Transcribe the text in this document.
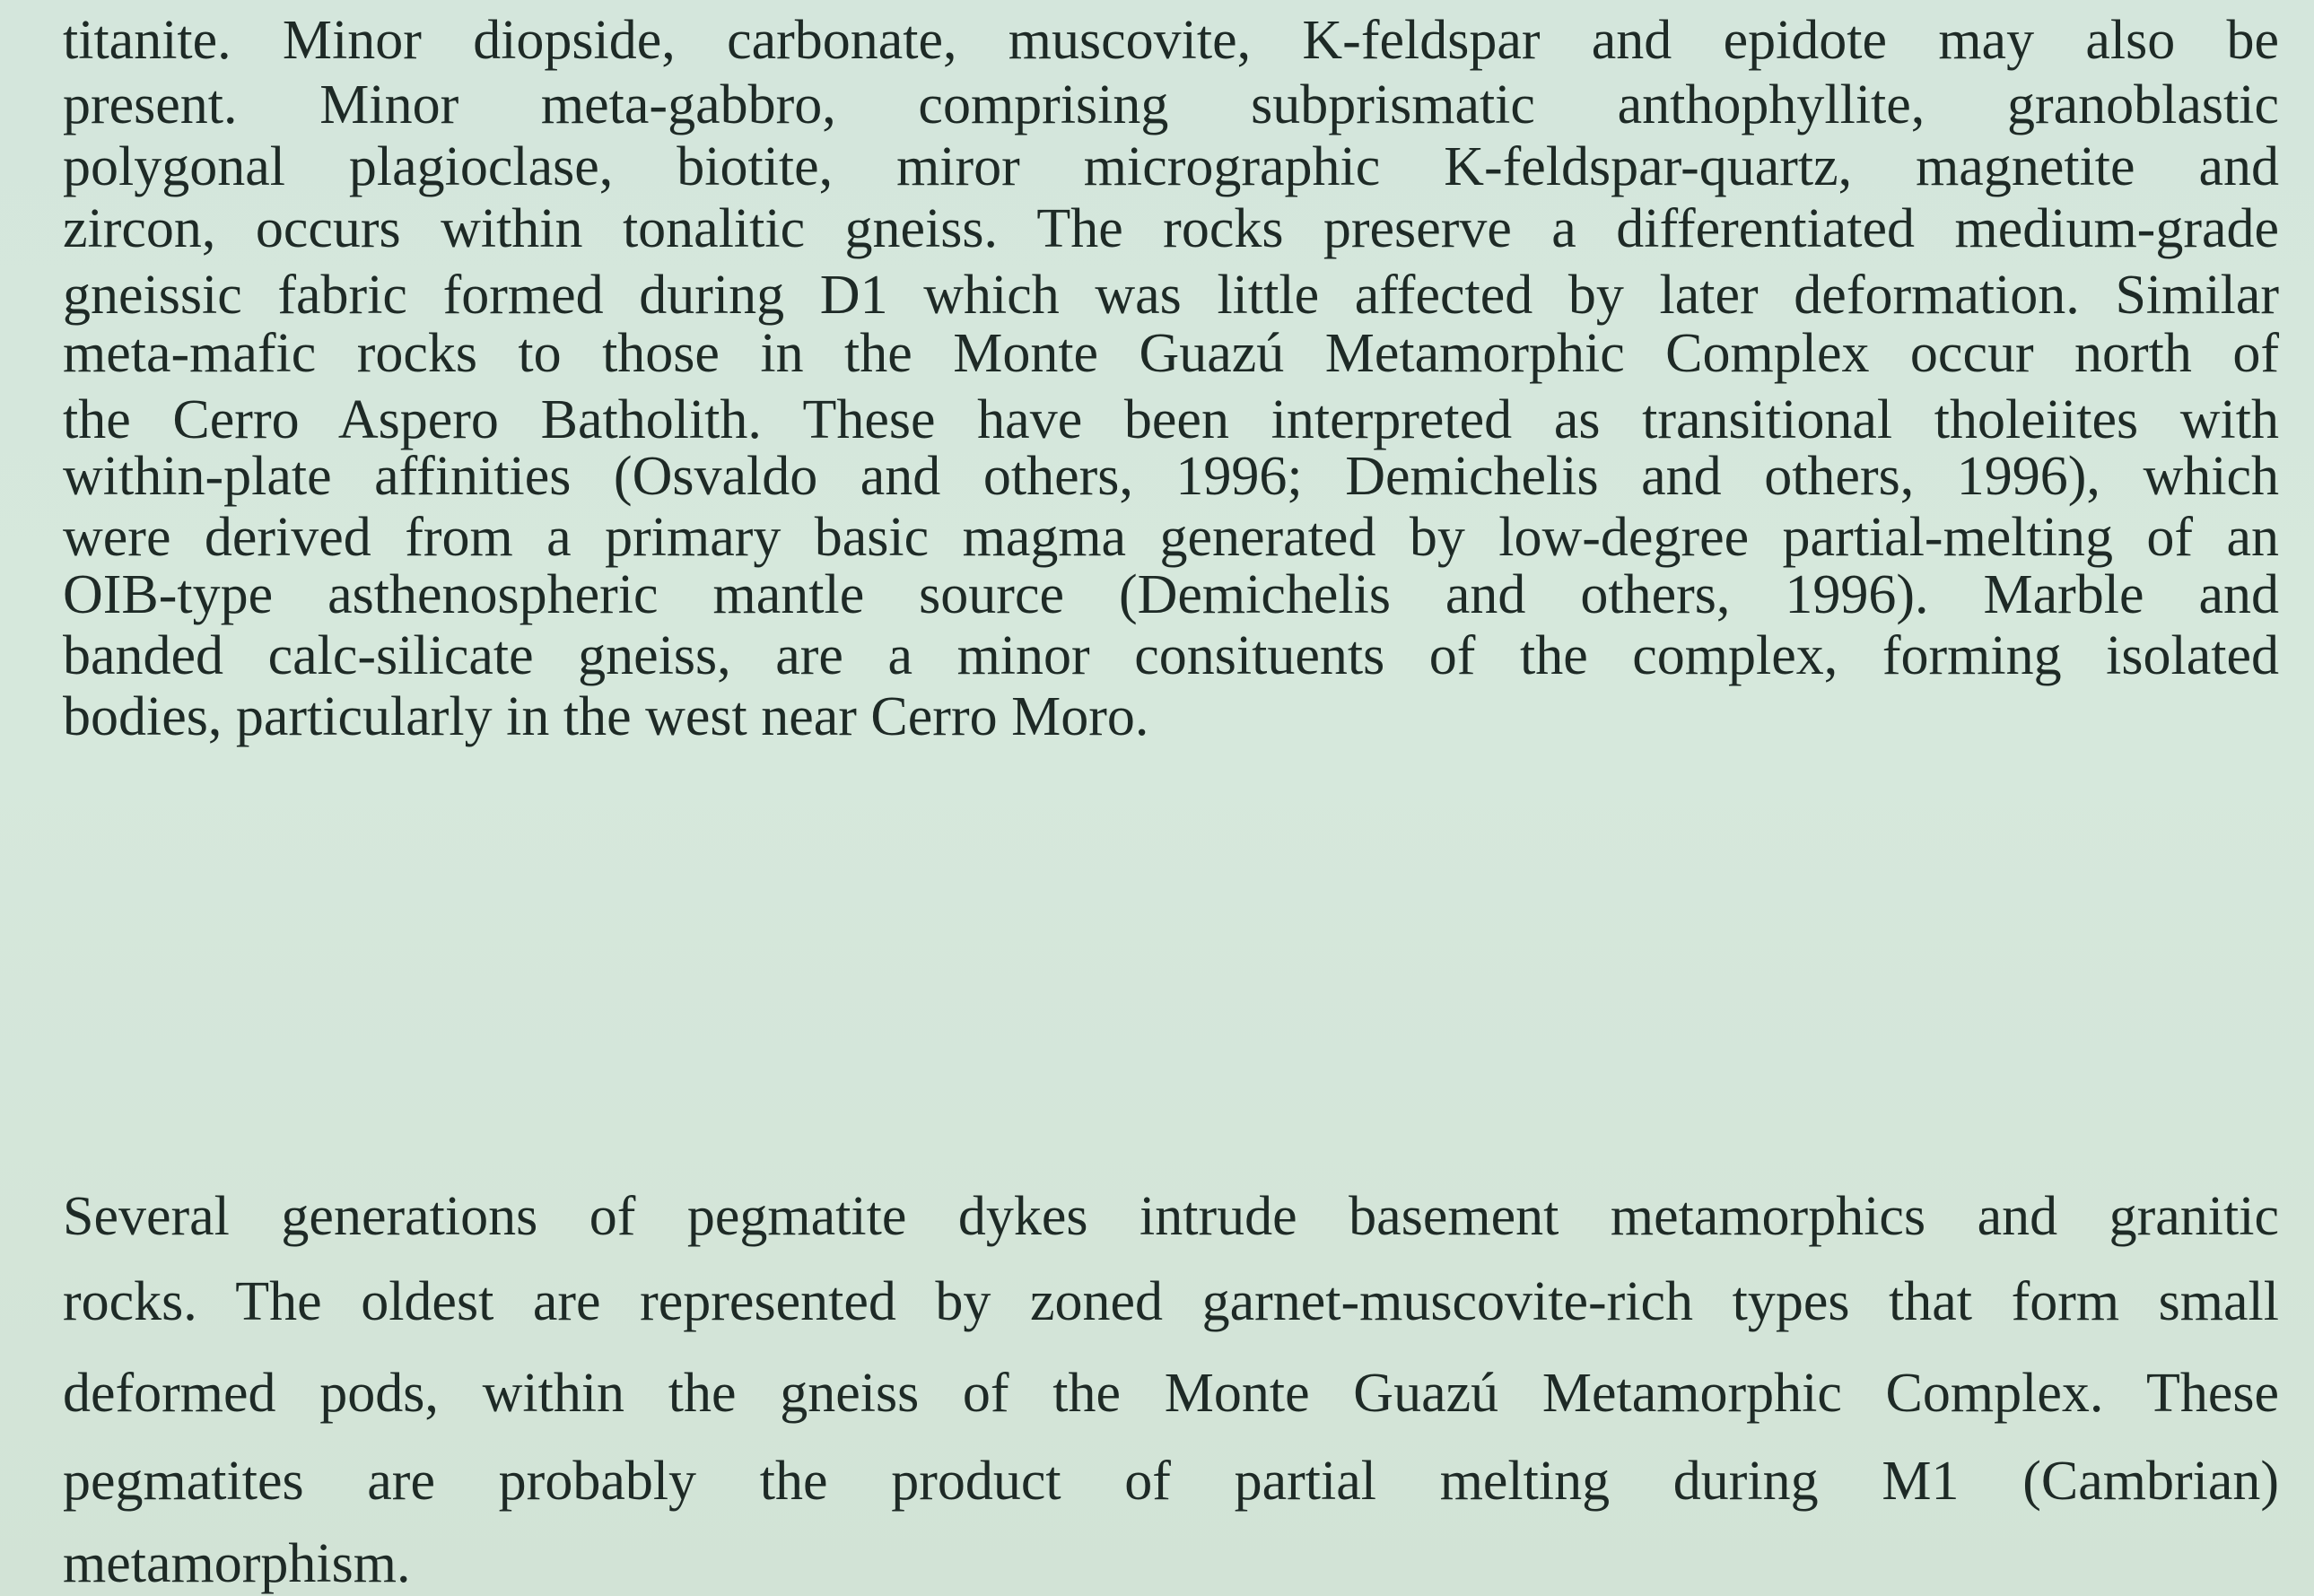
titanite. Minor diopside, carbonate, muscovite, K-feldspar and epidote may also be
present. Minor meta-gabbro, comprising subprismatic anthophyllite, granoblastic
polygonal plagioclase, biotite, miror micrographic K-feldspar-quartz, magnetite and
zircon, occurs within tonalitic gneiss. The rocks preserve a differentiated medium-grade
gneissic fabric formed during D1 which was little affected by later deformation. Similar
meta-mafic rocks to those in the Monte Guazú Metamorphic Complex occur north of
the Cerro Aspero Batholith. These have been interpreted as transitional tholeiites with
within-plate affinities (Osvaldo and others, 1996; Demichelis and others, 1996), which
were derived from a primary basic magma generated by low-degree partial-melting of an
OIB-type asthenospheric mantle source (Demichelis and others, 1996). Marble and
banded calc-silicate gneiss, are a minor consituents of the complex, forming isolated
bodies, particularly in the west near Cerro Moro.
Several generations of pegmatite dykes intrude basement metamorphics and granitic
rocks. The oldest are represented by zoned garnet-muscovite-rich types that form small
deformed pods, within the gneiss of the Monte Guazú Metamorphic Complex. These
pegmatites are probably the product of partial melting during M1 (Cambrian)
metamorphism.
